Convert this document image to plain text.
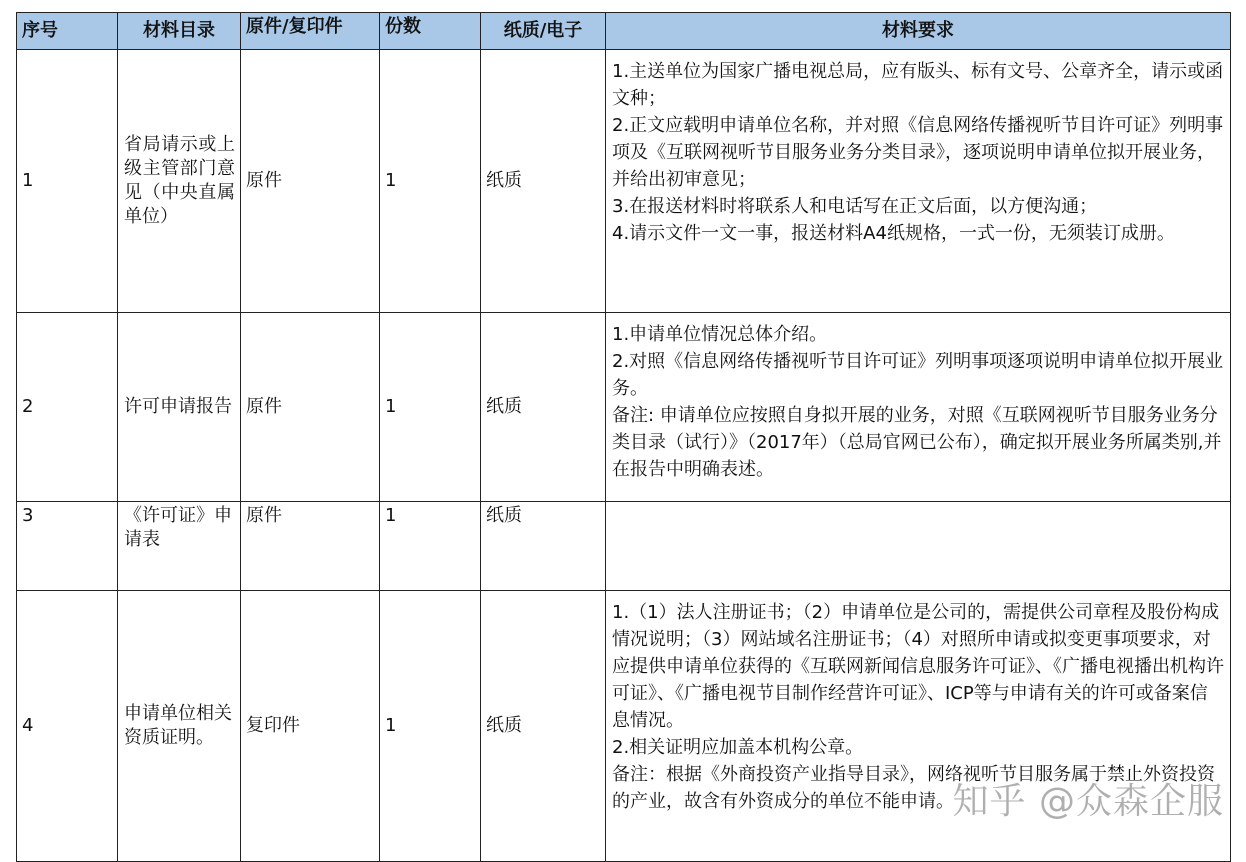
序号	材料目录	原件/复印件	份数	纸质/电子	材料要求
1	省局请示或上级主管部门意见（中央直属单位）	原件	1	纸质	1.主送单位为国家广播电视总局，应有版头、标有文号、公章齐全，请示或函文种；

2.正文应载明申请单位名称，并对照《信息网络传播视听节目许可证》列明事项及《互联网视听节目服务业务分类目录》，逐项说明申请单位拟开展业务，并给出初审意见；

3.在报送材料时将联系人和电话写在正文后面，以方便沟通；

4.请示文件一文一事，报送材料A4纸规格，一式一份，无须装订成册。

2	许可申请报告	原件	1	纸质	1.申请单位情况总体介绍。

2.对照《信息网络传播视听节目许可证》列明事项逐项说明申请单位拟开展业务。

备注: 申请单位应按照自身拟开展的业务，对照《互联网视听节目服务业务分类目录（试行）》（2017年）（总局官网已公布），确定拟开展业务所属类别,并在报告中明确表述。

3	《许可证》申请表	原件	1	纸质	
4	申请单位相关资质证明。	复印件	1	纸质	1.（1）法人注册证书；（2）申请单位是公司的，需提供公司章程及股份构成情况说明；（3）网站域名注册证书；（4）对照所申请或拟变更事项要求，对应提供申请单位获得的《互联网新闻信息服务许可证》、《广播电视播出机构许可证》、《广播电视节目制作经营许可证》、ICP等与申请有关的许可或备案信息情况。

2.相关证明应加盖本机构公章。

备注：根据《外商投资产业指导目录》，网络视听节目服务属于禁止外资投资的产业，故含有外资成分的单位不能申请。

知乎 @众森企服
